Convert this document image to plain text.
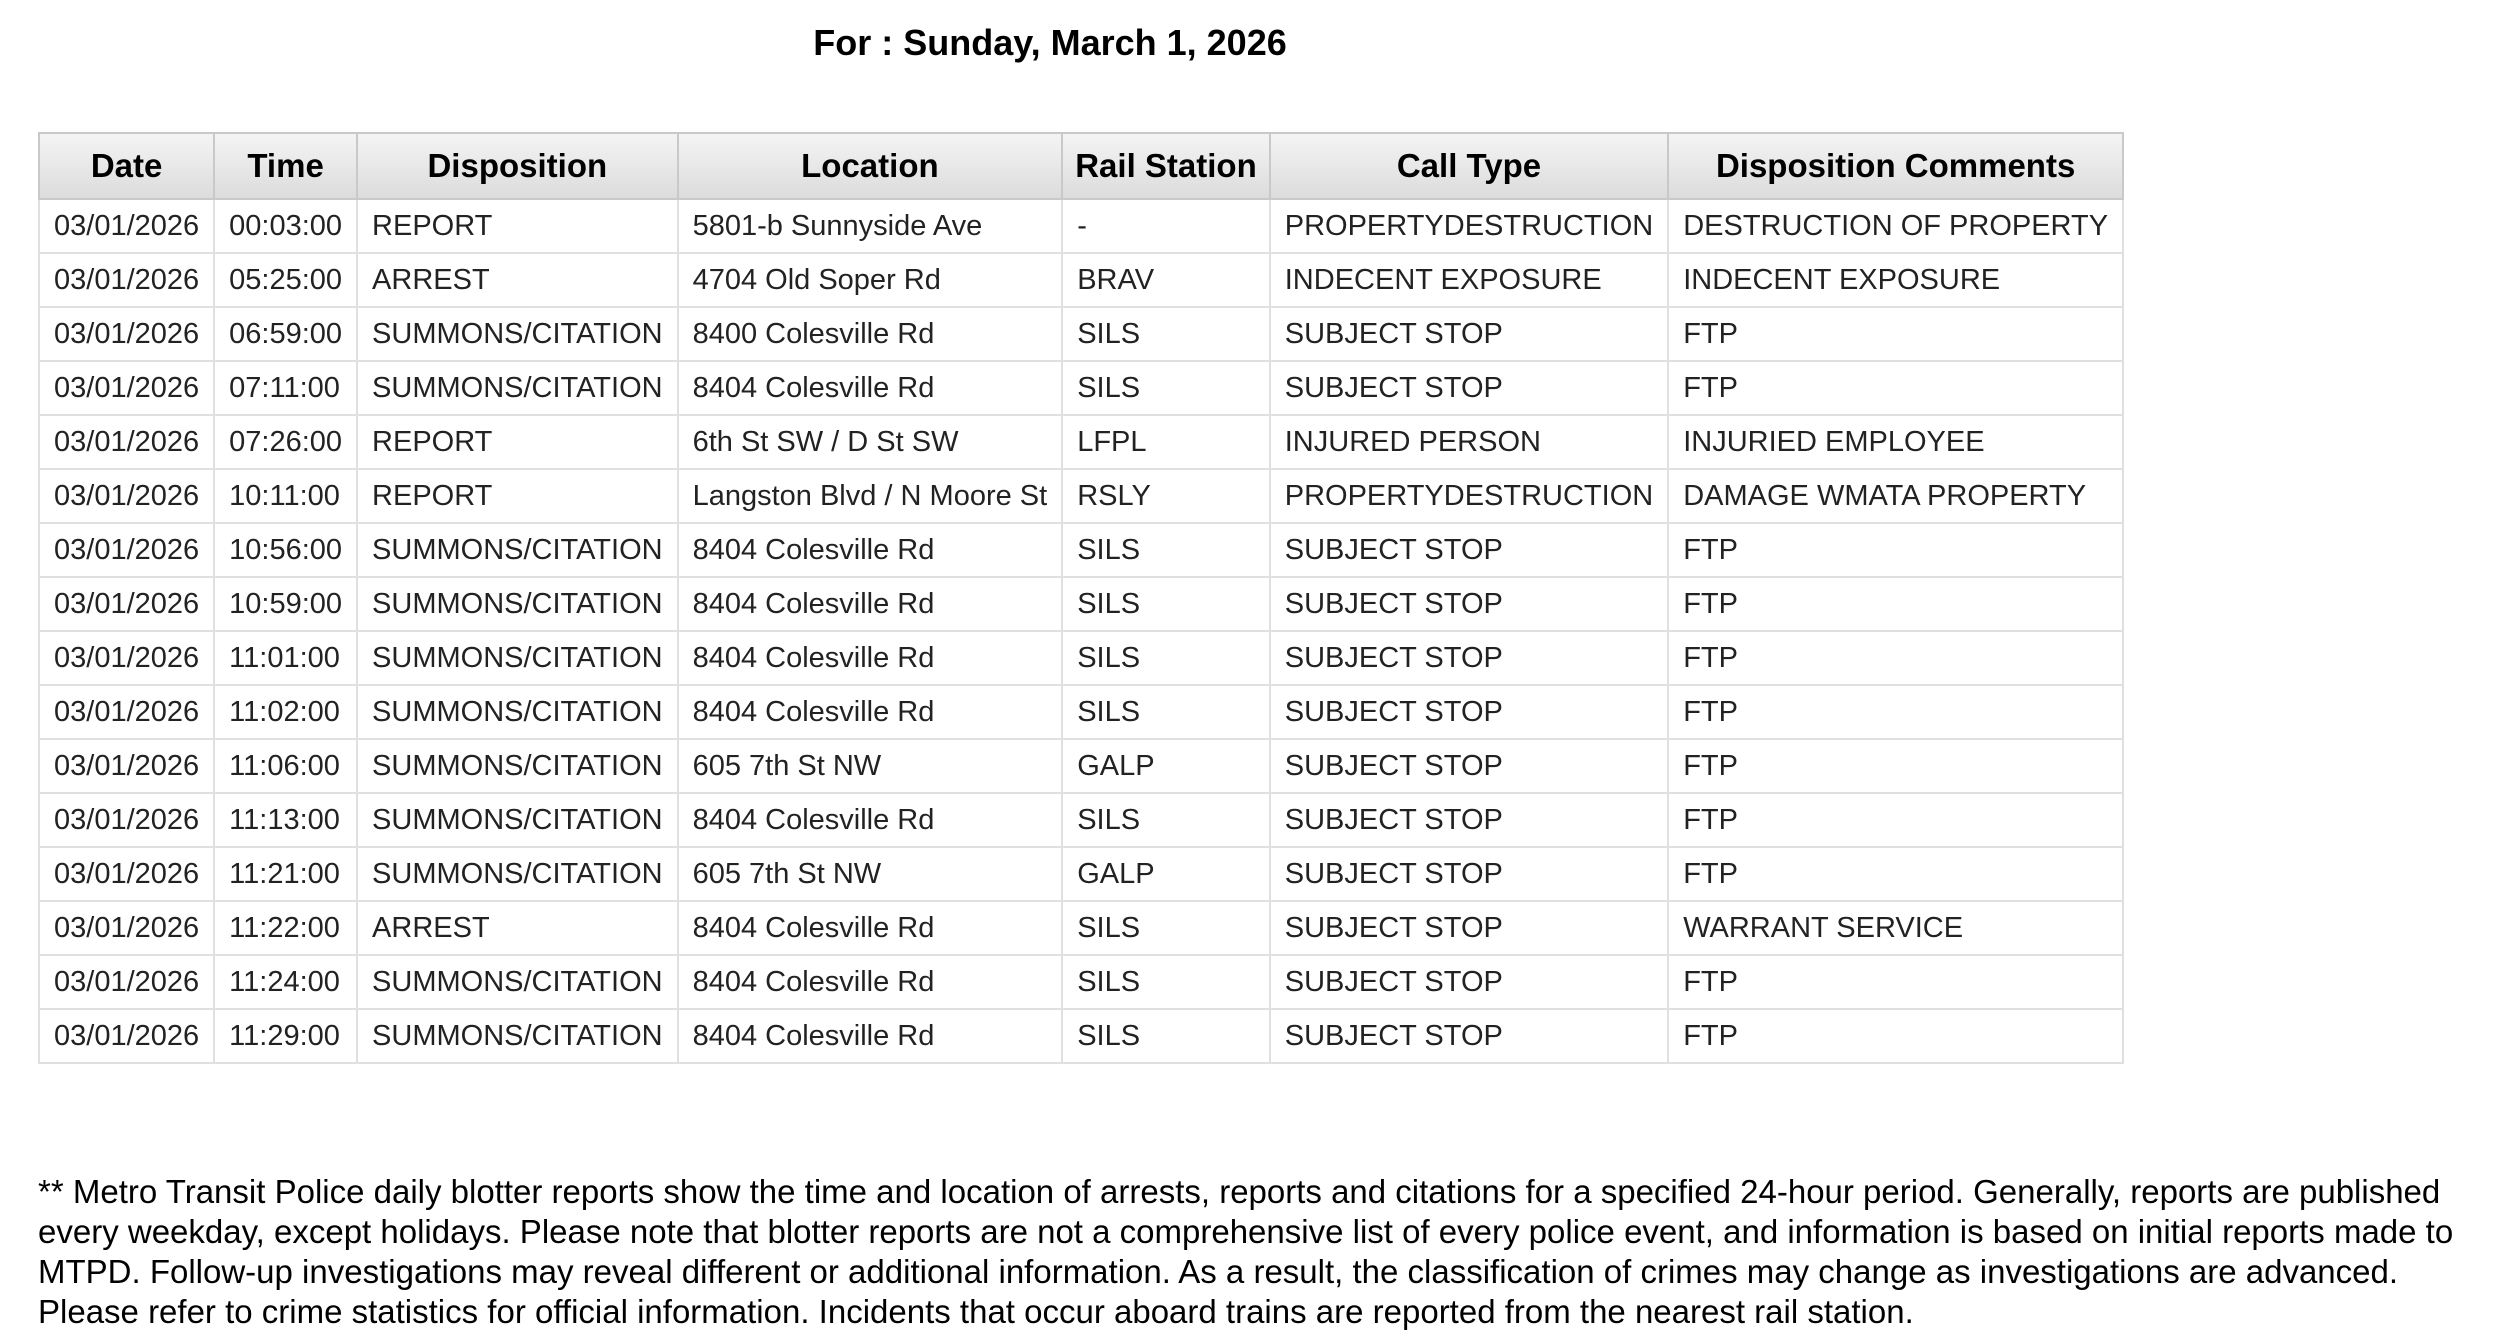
For : Sunday, March 1, 2026
Date	Time	Disposition	Location	Rail Station	Call Type	Disposition Comments
03/01/2026	00:03:00	REPORT	5801-b Sunnyside Ave	-	PROPERTYDESTRUCTION	DESTRUCTION OF PROPERTY
03/01/2026	05:25:00	ARREST	4704 Old Soper Rd	BRAV	INDECENT EXPOSURE	INDECENT EXPOSURE
03/01/2026	06:59:00	SUMMONS/CITATION	8400 Colesville Rd	SILS	SUBJECT STOP	FTP
03/01/2026	07:11:00	SUMMONS/CITATION	8404 Colesville Rd	SILS	SUBJECT STOP	FTP
03/01/2026	07:26:00	REPORT	6th St SW / D St SW	LFPL	INJURED PERSON	INJURIED EMPLOYEE
03/01/2026	10:11:00	REPORT	Langston Blvd / N Moore St	RSLY	PROPERTYDESTRUCTION	DAMAGE WMATA PROPERTY
03/01/2026	10:56:00	SUMMONS/CITATION	8404 Colesville Rd	SILS	SUBJECT STOP	FTP
03/01/2026	10:59:00	SUMMONS/CITATION	8404 Colesville Rd	SILS	SUBJECT STOP	FTP
03/01/2026	11:01:00	SUMMONS/CITATION	8404 Colesville Rd	SILS	SUBJECT STOP	FTP
03/01/2026	11:02:00	SUMMONS/CITATION	8404 Colesville Rd	SILS	SUBJECT STOP	FTP
03/01/2026	11:06:00	SUMMONS/CITATION	605 7th St NW	GALP	SUBJECT STOP	FTP
03/01/2026	11:13:00	SUMMONS/CITATION	8404 Colesville Rd	SILS	SUBJECT STOP	FTP
03/01/2026	11:21:00	SUMMONS/CITATION	605 7th St NW	GALP	SUBJECT STOP	FTP
03/01/2026	11:22:00	ARREST	8404 Colesville Rd	SILS	SUBJECT STOP	WARRANT SERVICE
03/01/2026	11:24:00	SUMMONS/CITATION	8404 Colesville Rd	SILS	SUBJECT STOP	FTP
03/01/2026	11:29:00	SUMMONS/CITATION	8404 Colesville Rd	SILS	SUBJECT STOP	FTP
** Metro Transit Police daily blotter reports show the time and location of arrests, reports and citations for a specified 24-hour period. Generally, reports are published every weekday, except holidays. Please note that blotter reports are not a comprehensive list of every police event, and information is based on initial reports made to MTPD. Follow-up investigations may reveal different or additional information. As a result, the classification of crimes may change as investigations are advanced. Please refer to crime statistics for official information. Incidents that occur aboard trains are reported from the nearest rail station.
